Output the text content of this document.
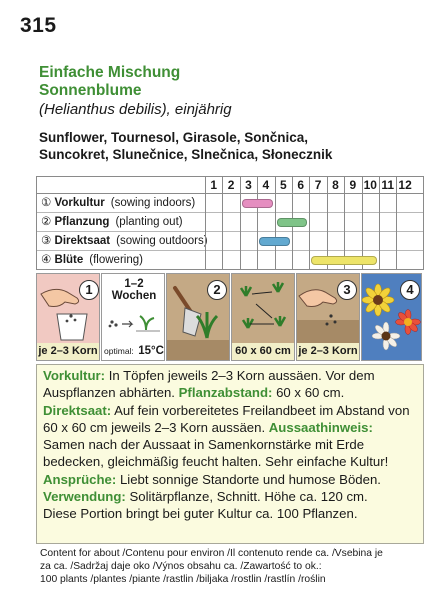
315
Einfache Mischung
Sonnenblume
(Helianthus debilis), einjährig
Sunflower, Tournesol, Girasole, Sončnica,
Suncokret, Slunečnice, Slnečnica, Słonecznik
① Vorkultur (sowing indoors)
② Pflanzung (planting out)
③ Direktsaat (sowing outdoors)
④ Blüte (flowering)
1 2 3 4 5 6 7 8 9 10 11 12
1
je 2–3 Korn
1–2
Wochen
optimal: 15°C
2
60 x 60 cm
3
je 2–3 Korn
4

Vorkultur: In Töpfen jeweils 2–3 Korn aussäen. Vor dem Auspflanzen abhärten. Pflanzabstand: 60 x 60 cm.

Direktsaat: Auf fein vorbereitetes Freilandbeet im Abstand von 60 x 60 cm jeweils 2–3 Korn aussäen. Aussaathinweis: Samen nach der Aussaat in Samenkornstärke mit Erde bedecken, gleichmäßig feucht halten. Sehr einfache Kultur!

Ansprüche: Liebt sonnige Standorte und humose Böden.

Verwendung: Solitärpflanze, Schnitt. Höhe ca. 120 cm.

Diese Portion bringt bei guter Kultur ca. 100 Pflanzen.

Content for about /Contenu pour environ /Il contenuto rende ca. /Vsebina je
za ca. /Sadržaj daje oko /Výnos obsahu ca. /Zawartość to ok.:
100 plants /plantes /piante /rastlin /biljaka /rostlin /rastlín /roślin
